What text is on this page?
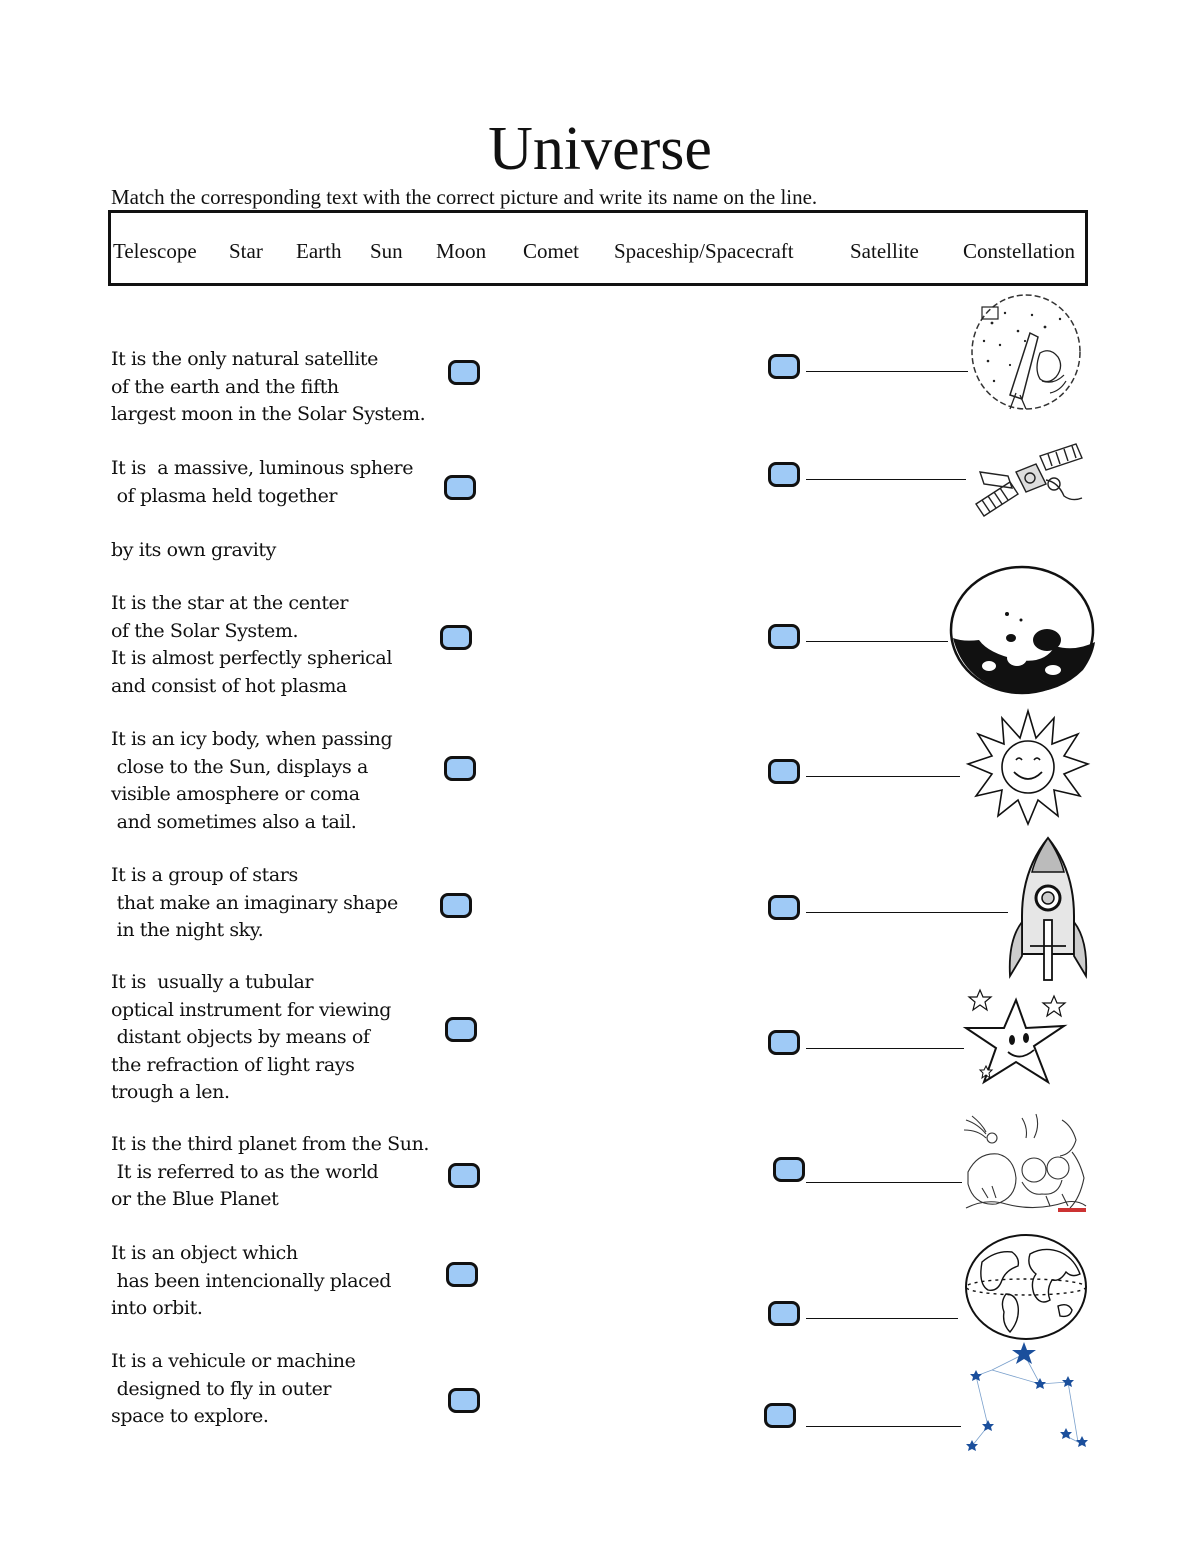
Universe
Match the corresponding text with the correct picture and write its name on the line.
Telescope Star Earth Sun Moon Comet Spaceship/Spacecraft	Satellite Constellation
It is the only natural satellite
of the earth and the fifth
largest moon in the Solar System.
It is  a massive, luminous sphere
of plasma held together
by its own gravity
It is the star at the center
of the Solar System.
It is almost perfectly spherical
and consist of hot plasma
It is an icy body, when passing
close to the Sun, displays a
visible amosphere or coma
and sometimes also a tail.
It is a group of stars
that make an imaginary shape
in the night sky.
It is  usually a tubular
optical instrument for viewing
distant objects by means of
the refraction of light rays
trough a len.
It is the third planet from the Sun.
It is referred to as the world
or the Blue Planet
It is an object which
has been intencionally placed
into orbit.
It is a vehicule or machine
designed to fly in outer
space to explore.
